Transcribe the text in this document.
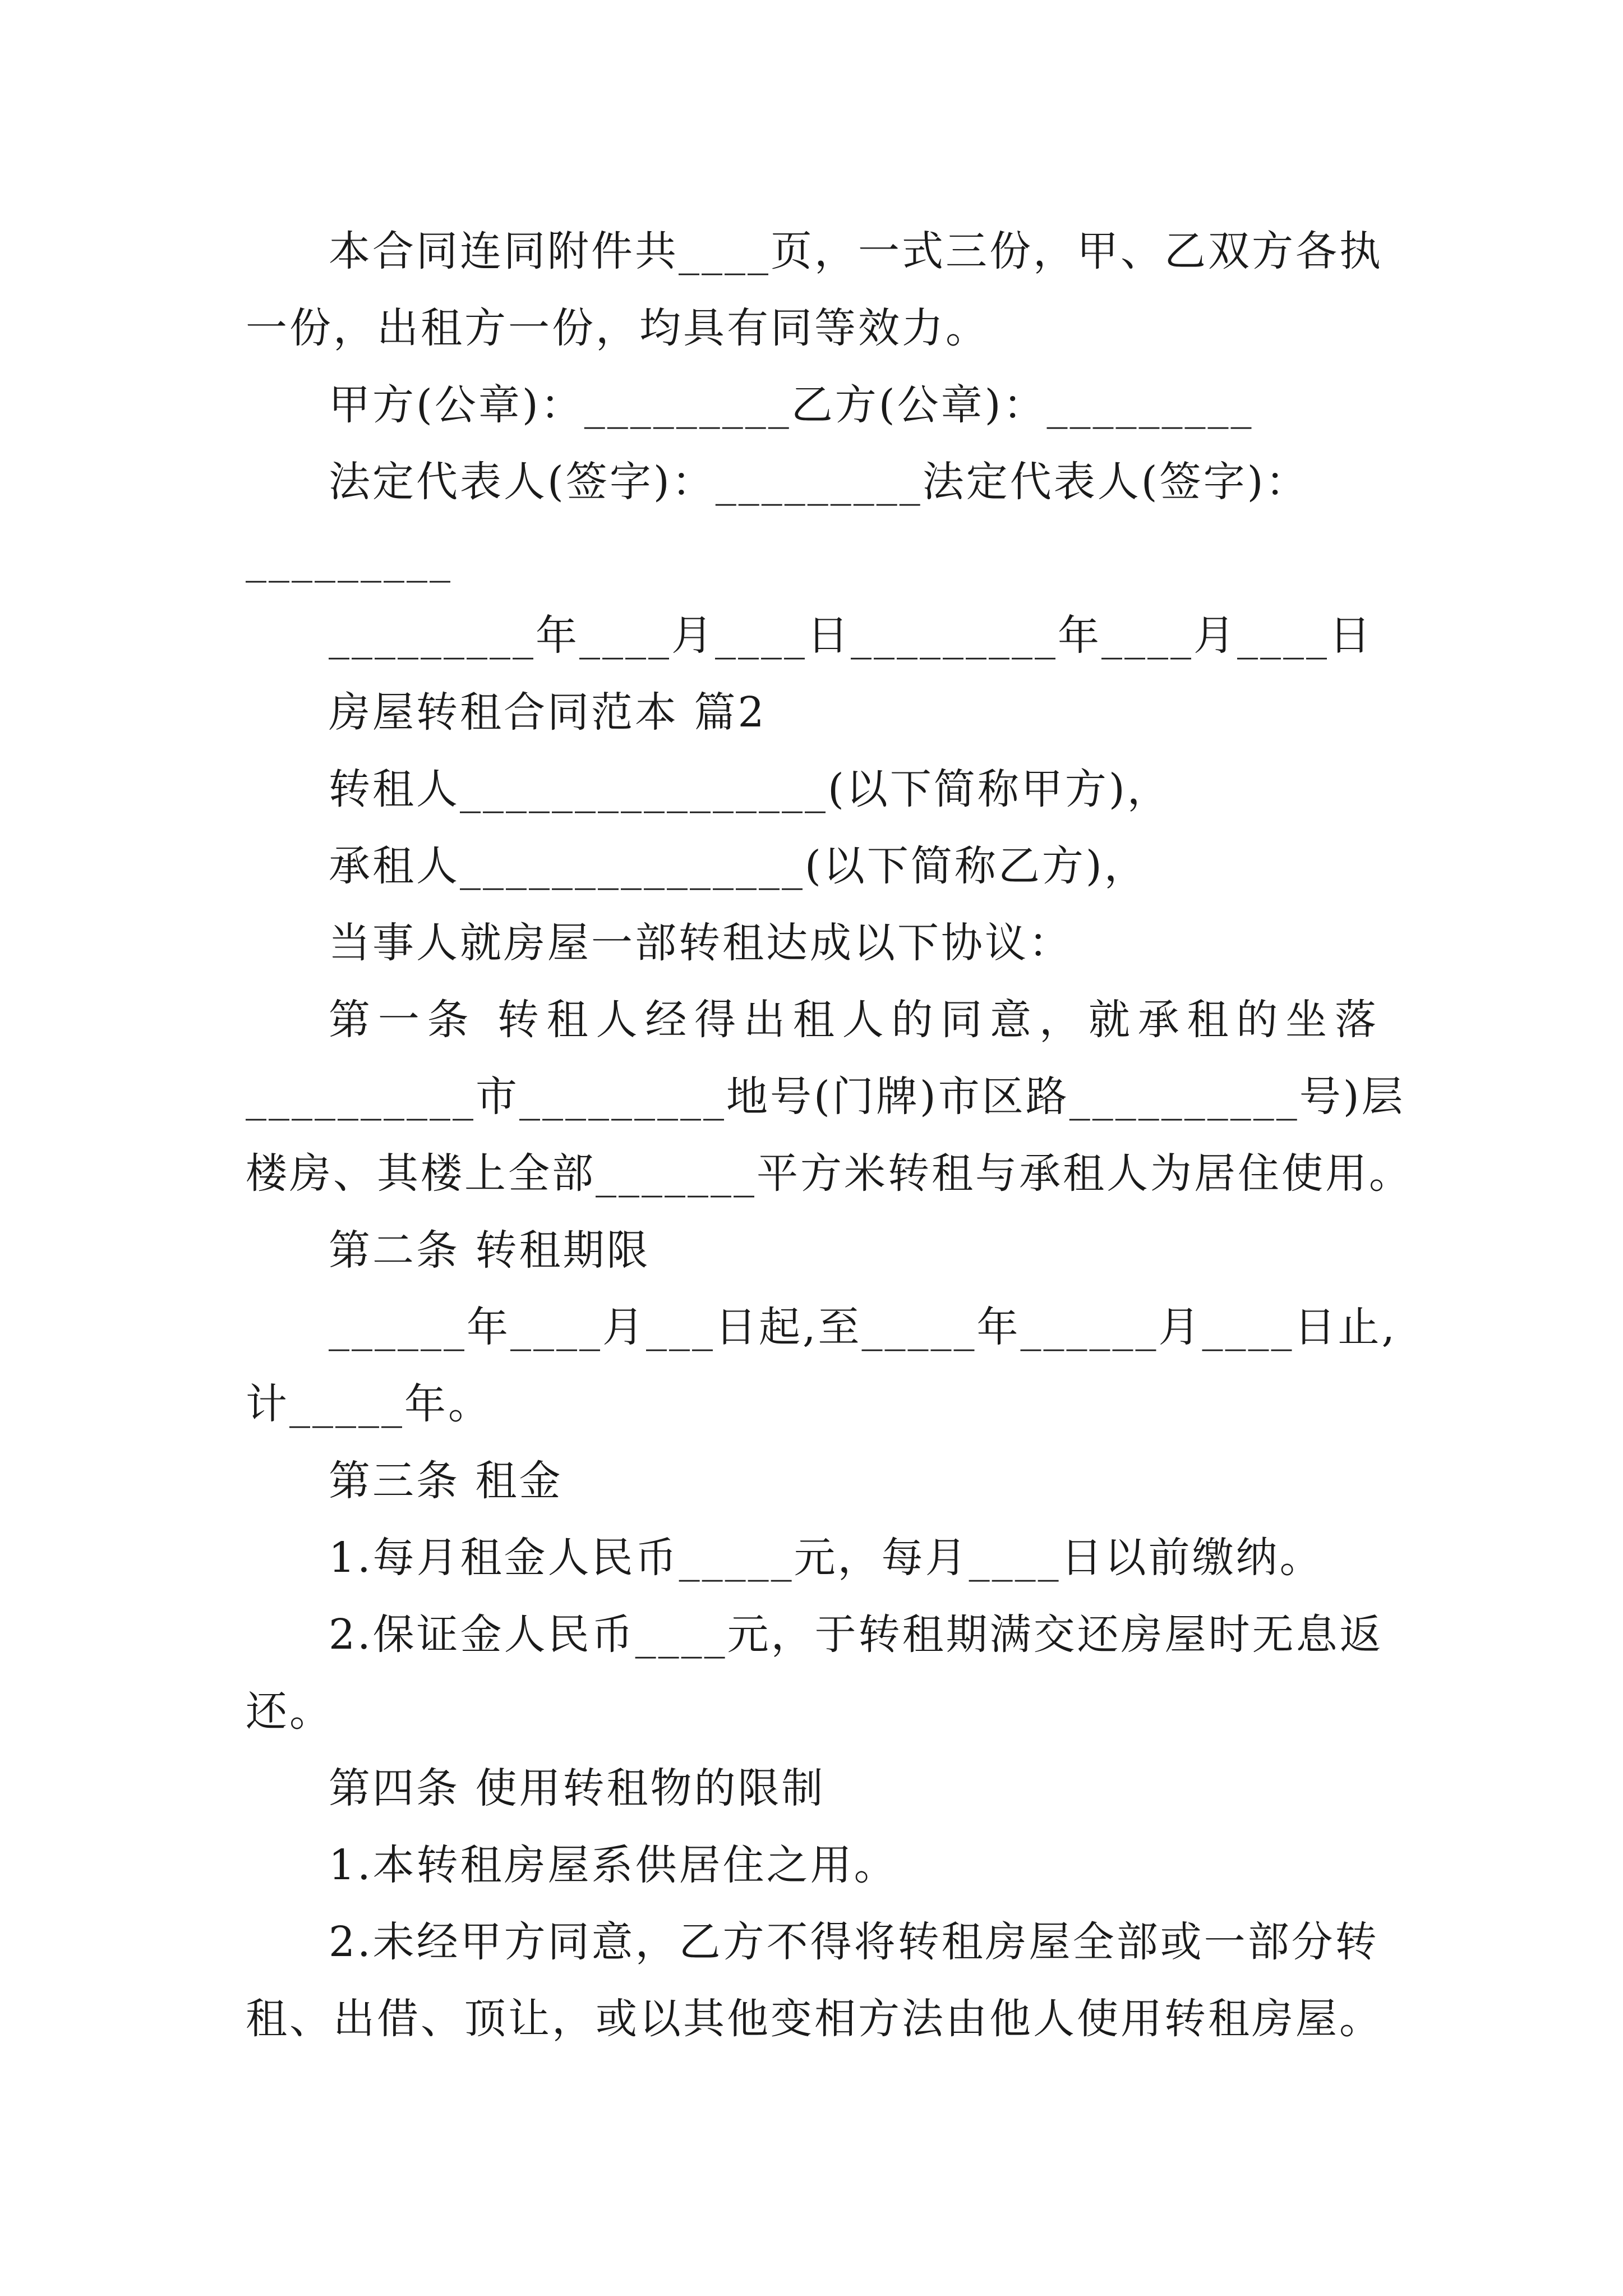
本合同连同附件共____页，一式三份，甲、乙双方各执
一份，出租方一份，均具有同等效力。
甲方(公章)：_________乙方(公章)：_________
法定代表人(签字)：_________法定代表人(签字)：
_________
_________年____月____日_________年____月____日
房屋转租合同范本 篇2
转租人________________(以下简称甲方)，
承租人_______________(以下简称乙方)，
当事人就房屋一部转租达成以下协议：
第一条 转租人经得出租人的同意，就承租的坐落
__________市_________地号(门牌)市区路__________号)层
楼房、其楼上全部_______平方米转租与承租人为居住使用。
第二条 转租期限
______年____月___日起,至_____年______月____日止,
计_____年。
第三条 租金
1.每月租金人民币_____元，每月____日以前缴纳。
2.保证金人民币____元，于转租期满交还房屋时无息返
还。
第四条 使用转租物的限制
1.本转租房屋系供居住之用。
2.未经甲方同意，乙方不得将转租房屋全部或一部分转
租、出借、顶让，或以其他变相方法由他人使用转租房屋。
